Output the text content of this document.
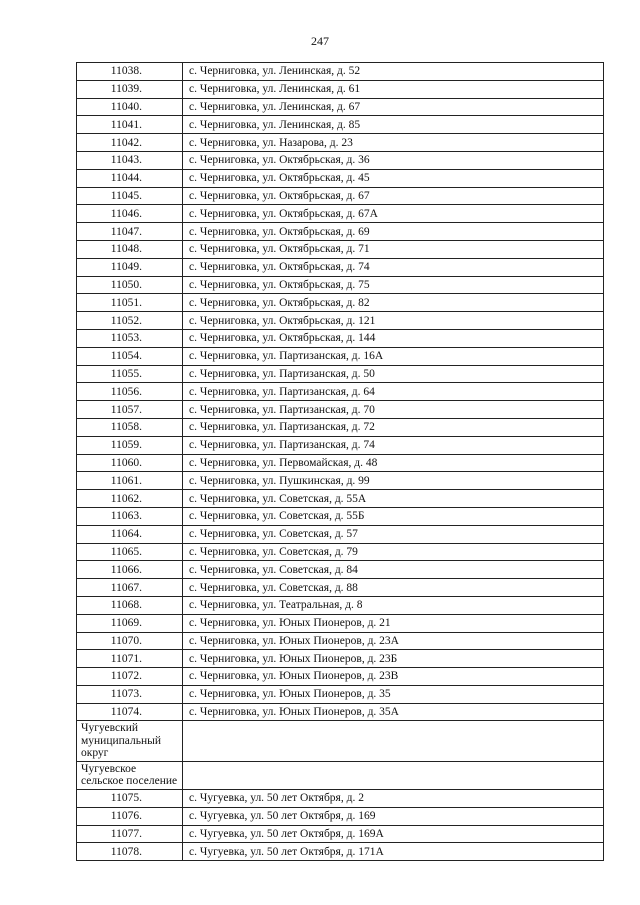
247
11038.	с. Черниговка, ул. Ленинская, д. 52
11039.	с. Черниговка, ул. Ленинская, д. 61
11040.	с. Черниговка, ул. Ленинская, д. 67
11041.	с. Черниговка, ул. Ленинская, д. 85
11042.	с. Черниговка, ул. Назарова, д. 23
11043.	с. Черниговка, ул. Октябрьская, д. 36
11044.	с. Черниговка, ул. Октябрьская, д. 45
11045.	с. Черниговка, ул. Октябрьская, д. 67
11046.	с. Черниговка, ул. Октябрьская, д. 67А
11047.	с. Черниговка, ул. Октябрьская, д. 69
11048.	с. Черниговка, ул. Октябрьская, д. 71
11049.	с. Черниговка, ул. Октябрьская, д. 74
11050.	с. Черниговка, ул. Октябрьская, д. 75
11051.	с. Черниговка, ул. Октябрьская, д. 82
11052.	с. Черниговка, ул. Октябрьская, д. 121
11053.	с. Черниговка, ул. Октябрьская, д. 144
11054.	с. Черниговка, ул. Партизанская, д. 16А
11055.	с. Черниговка, ул. Партизанская, д. 50
11056.	с. Черниговка, ул. Партизанская, д. 64
11057.	с. Черниговка, ул. Партизанская, д. 70
11058.	с. Черниговка, ул. Партизанская, д. 72
11059.	с. Черниговка, ул. Партизанская, д. 74
11060.	с. Черниговка, ул. Первомайская, д. 48
11061.	с. Черниговка, ул. Пушкинская, д. 99
11062.	с. Черниговка, ул. Советская, д. 55А
11063.	с. Черниговка, ул. Советская, д. 55Б
11064.	с. Черниговка, ул. Советская, д. 57
11065.	с. Черниговка, ул. Советская, д. 79
11066.	с. Черниговка, ул. Советская, д. 84
11067.	с. Черниговка, ул. Советская, д. 88
11068.	с. Черниговка, ул. Театральная, д. 8
11069.	с. Черниговка, ул. Юных Пионеров, д. 21
11070.	с. Черниговка, ул. Юных Пионеров, д. 23А
11071.	с. Черниговка, ул. Юных Пионеров, д. 23Б
11072.	с. Черниговка, ул. Юных Пионеров, д. 23В
11073.	с. Черниговка, ул. Юных Пионеров, д. 35
11074.	с. Черниговка, ул. Юных Пионеров, д. 35А
Чугуевский муниципальный округ	
Чугуевское сельское поселение	
11075.	с. Чугуевка, ул. 50 лет Октября, д. 2
11076.	с. Чугуевка, ул. 50 лет Октября, д. 169
11077.	с. Чугуевка, ул. 50 лет Октября, д. 169А
11078.	с. Чугуевка, ул. 50 лет Октября, д. 171А
